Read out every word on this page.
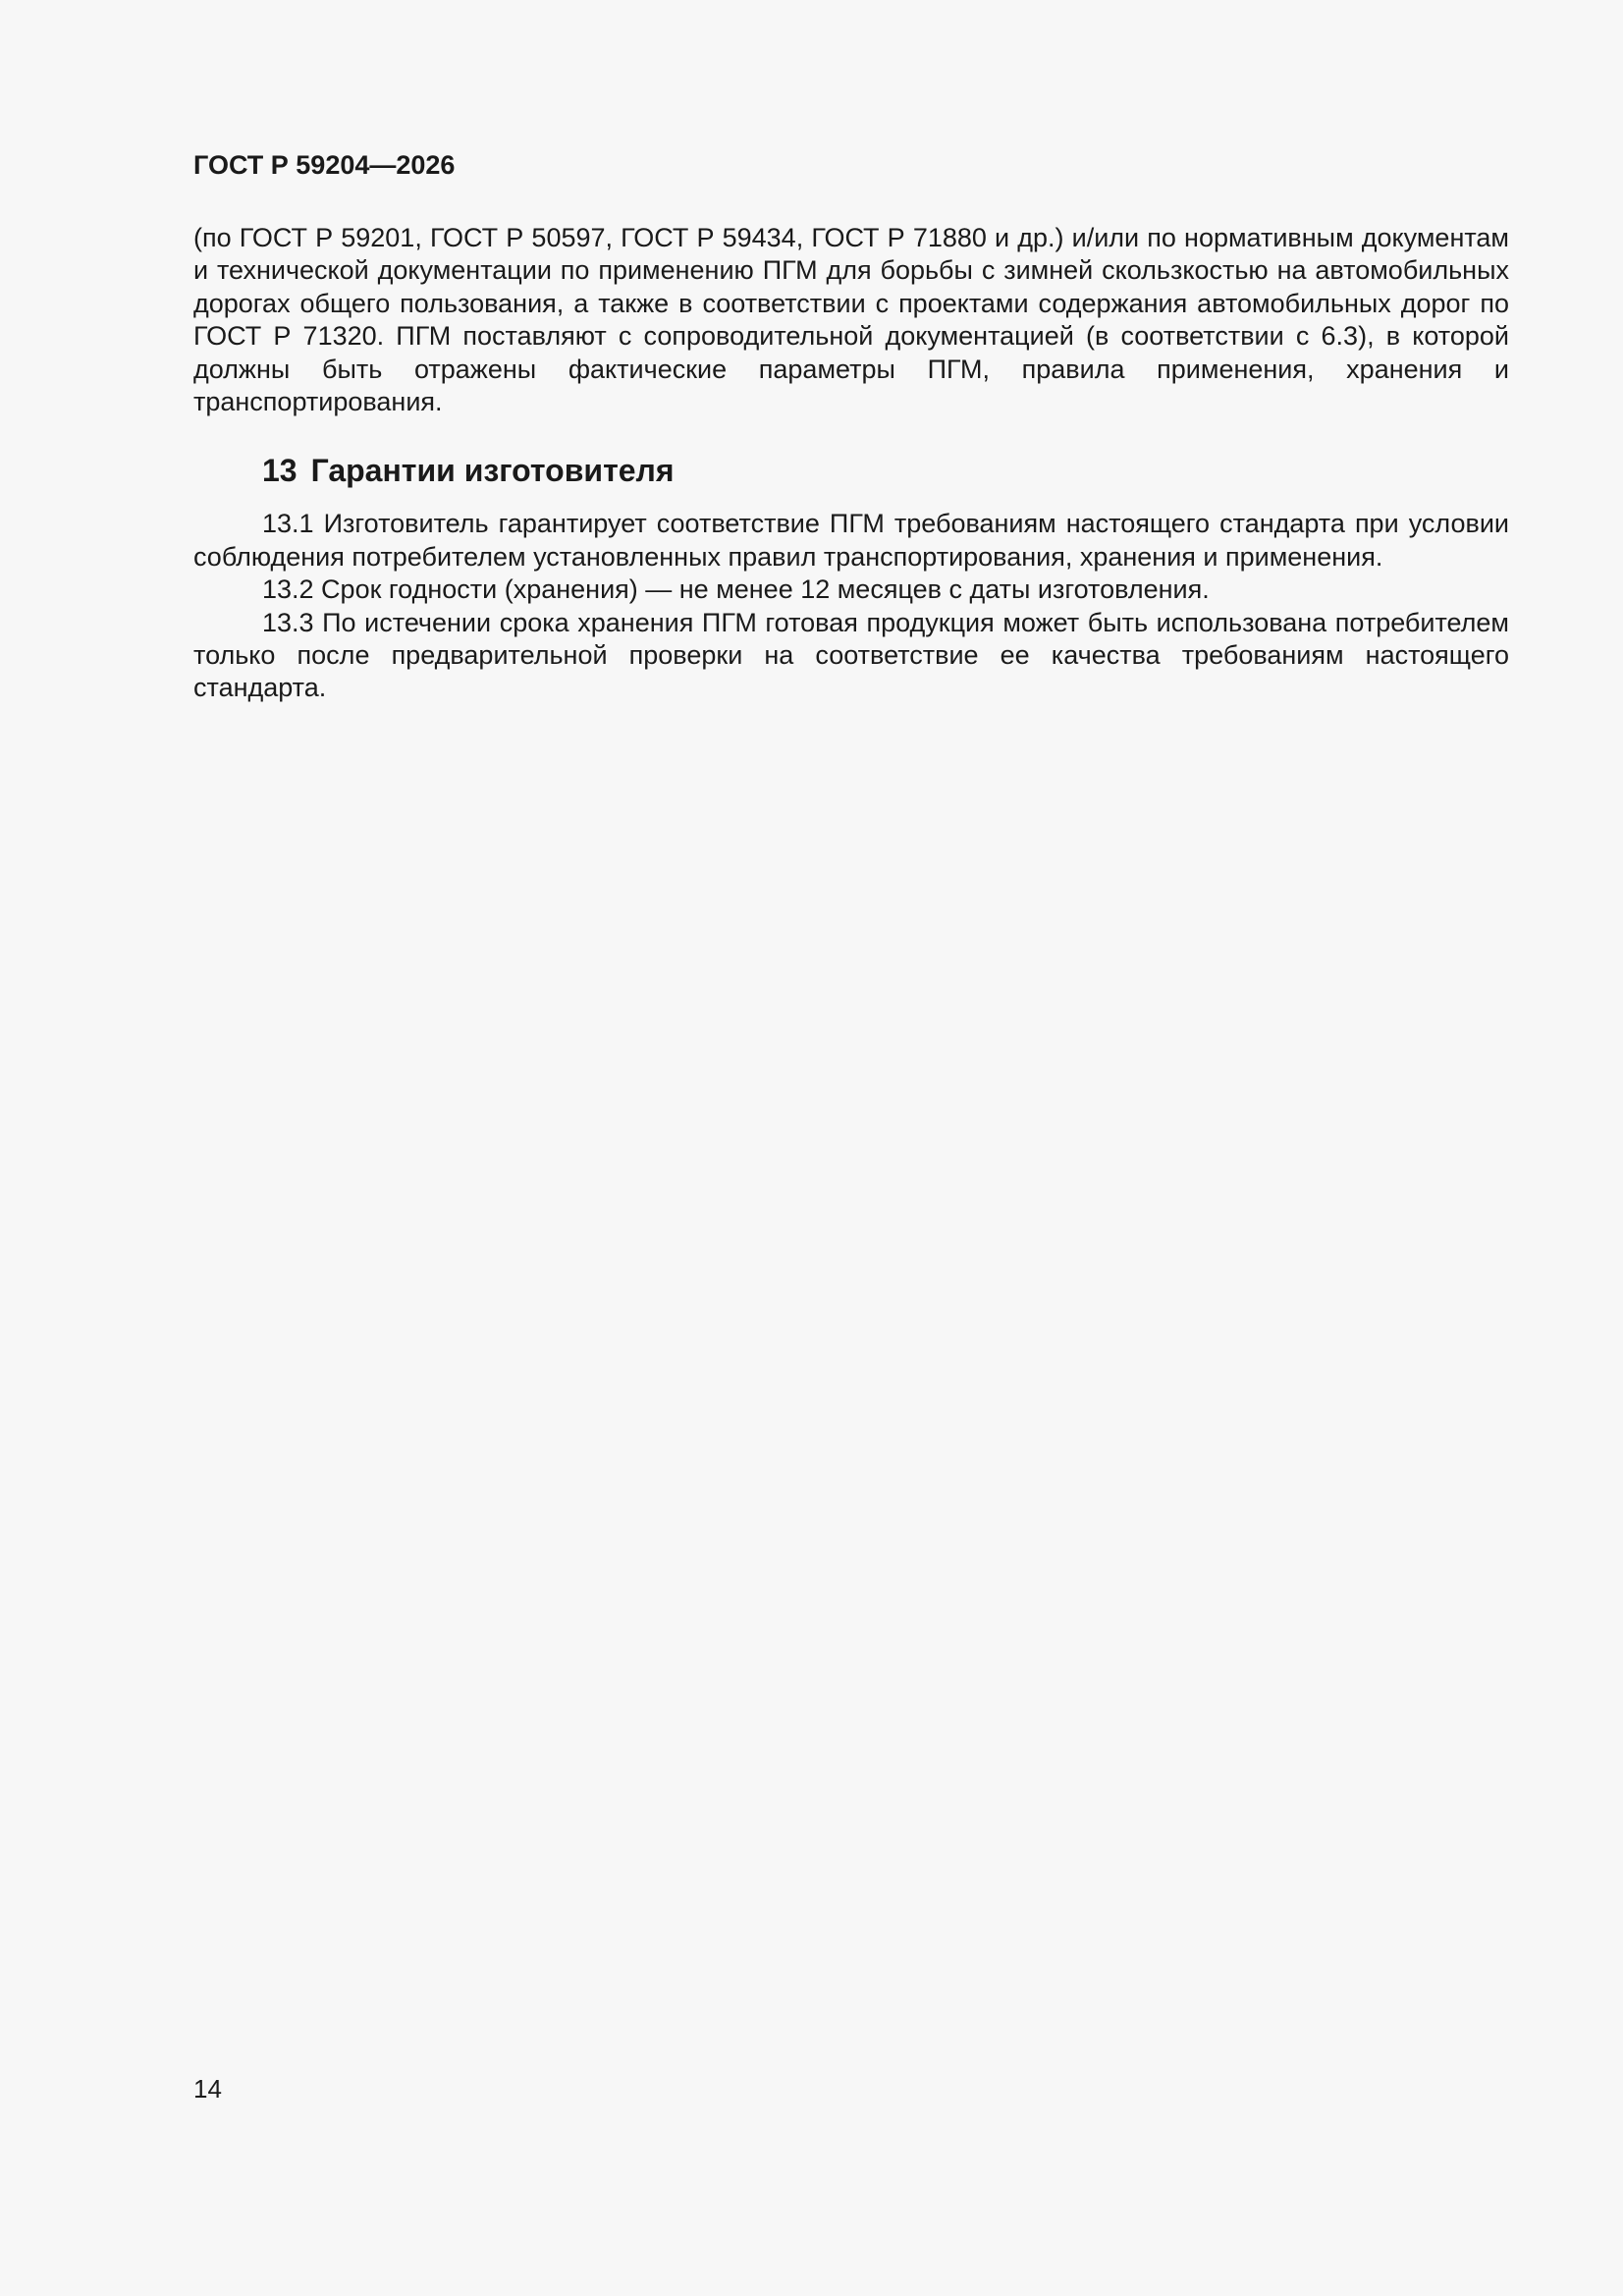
ГОСТ Р 59204—2026

(по ГОСТ Р 59201, ГОСТ Р 50597, ГОСТ Р 59434, ГОСТ Р 71880 и др.) и/или по нормативным документам и технической документации по применению ПГМ для борьбы с зимней скользкостью на автомобильных дорогах общего пользования, а также в соответствии с проектами содержания автомобильных дорог по ГОСТ Р 71320. ПГМ поставляют с сопроводительной документацией (в соответствии с 6.3), в которой должны быть отражены фактические параметры ПГМ, правила применения, хранения и транспортирования.

13 Гарантии изготовителя

13.1 Изготовитель гарантирует соответствие ПГМ требованиям настоящего стандарта при условии соблюдения потребителем установленных правил транспортирования, хранения и применения.

13.2 Срок годности (хранения) — не менее 12 месяцев с даты изготовления.

13.3 По истечении срока хранения ПГМ готовая продукция может быть использована потребителем только после предварительной проверки на соответствие ее качества требованиям настоящего стандарта.

14
